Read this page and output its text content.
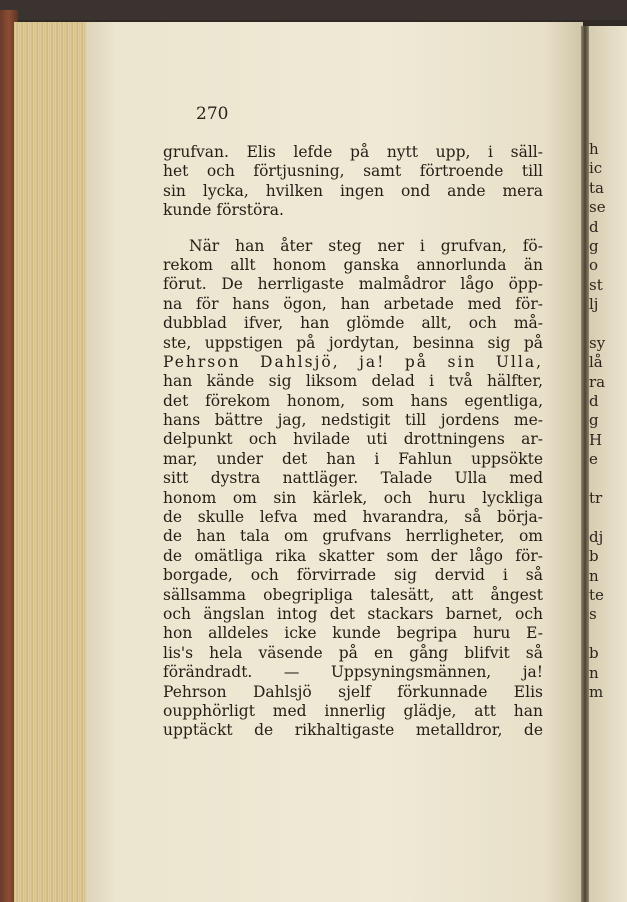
270
grufvan. Elis lefde på nytt upp, i säll-
het och förtjusning, samt förtroende till
sin lycka, hvilken ingen ond ande mera
kunde förstöra.
När han åter steg ner i grufvan, fö-
rekom allt honom ganska annorlunda än
förut. De herrligaste malmådror lågo öpp-
na för hans ögon, han arbetade med för-
dubblad ifver, han glömde allt, och må-
ste, uppstigen på jordytan, besinna sig på
Pehrson Dahlsjö, ja! på sin Ulla,
han kände sig liksom delad i två hälfter,
det förekom honom, som hans egentliga,
hans bättre jag, nedstigit till jordens me-
delpunkt och hvilade uti drottningens ar-
mar, under det han i Fahlun uppsökte
sitt dystra nattläger. Talade Ulla med
honom om sin kärlek, och huru lyckliga
de skulle lefva med hvarandra, så börja-
de han tala om grufvans herrligheter, om
de omätliga rika skatter som der lågo för-
borgade, och förvirrade sig dervid i så
sällsamma obegripliga talesätt, att ångest
och ängslan intog det stackars barnet, och
hon alldeles icke kunde begripa huru E-
lis's hela väsende på en gång blifvit så
förändradt. — Uppsyningsmännen, ja!
Pehrson Dahlsjö sjelf förkunnade Elis
oupphörligt med innerlig glädje, att han
upptäckt de rikhaltigaste metalldror, de
h
ic
ta
se
d
g
o
st
lj
sy
lå
ra
d
g
H
e
tr
dj
b
n
te
s
b
n
m
